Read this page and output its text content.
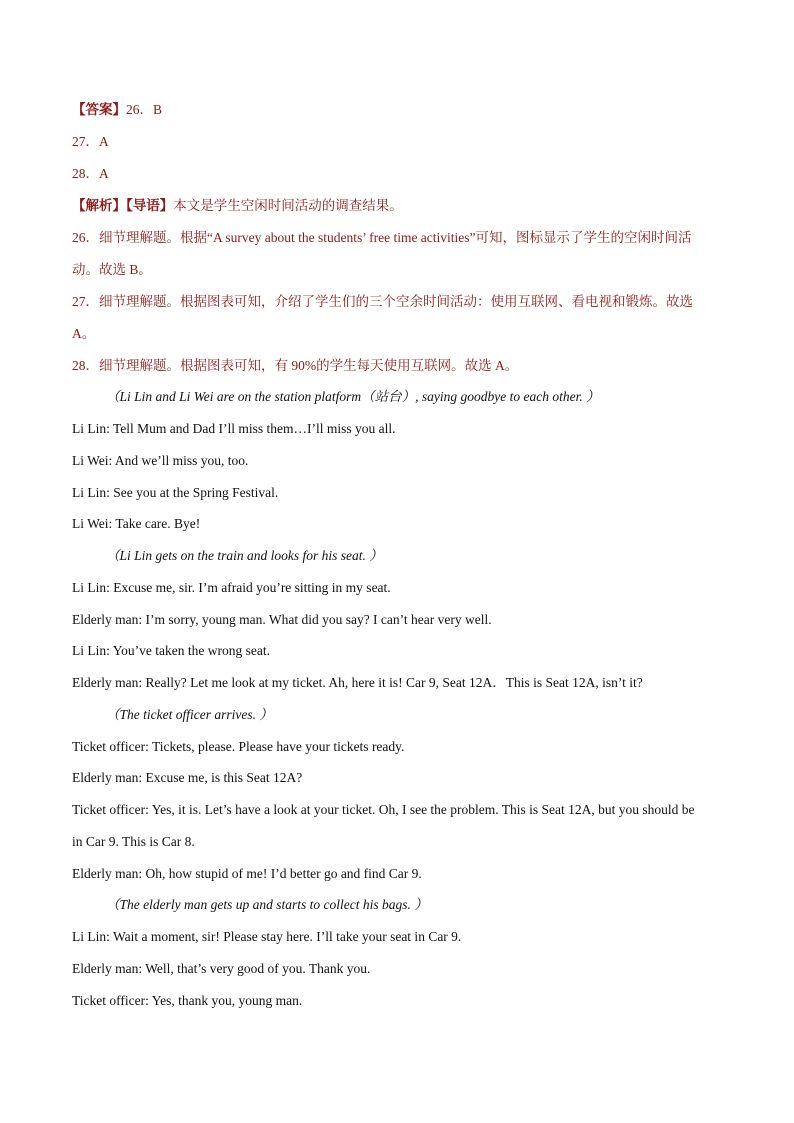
【答案】26．B
27．A
28．A
【解析】【导语】本文是学生空闲时间活动的调查结果。
26．细节理解题。根据“A survey about the students’ free time activities”可知，图标显示了学生的空闲时间活
动。故选 B。
27．细节理解题。根据图表可知，介绍了学生们的三个空余时间活动：使用互联网、看电视和锻炼。故选
A。
28．细节理解题。根据图表可知，有 90%的学生每天使用互联网。故选 A。
（Li Lin and Li Wei are on the station platform（站台）, saying goodbye to each other. ）
Li Lin: Tell Mum and Dad I’ll miss them…I’ll miss you all.
Li Wei: And we’ll miss you, too.
Li Lin: See you at the Spring Festival.
Li Wei: Take care. Bye!
（Li Lin gets on the train and looks for his seat. ）
Li Lin: Excuse me, sir. I’m afraid you’re sitting in my seat.
Elderly man: I’m sorry, young man. What did you say? I can’t hear very well.
Li Lin: You’ve taken the wrong seat.
Elderly man: Really? Let me look at my ticket. Ah, here it is! Car 9, Seat 12A．This is Seat 12A, isn’t it?
（The ticket officer arrives. ）
Ticket officer: Tickets, please. Please have your tickets ready.
Elderly man: Excuse me, is this Seat 12A?
Ticket officer: Yes, it is. Let’s have a look at your ticket. Oh, I see the problem. This is Seat 12A, but you should be
in Car 9. This is Car 8.
Elderly man: Oh, how stupid of me! I’d better go and find Car 9.
（The elderly man gets up and starts to collect his bags. ）
Li Lin: Wait a moment, sir! Please stay here. I’ll take your seat in Car 9.
Elderly man: Well, that’s very good of you. Thank you.
Ticket officer: Yes, thank you, young man.
